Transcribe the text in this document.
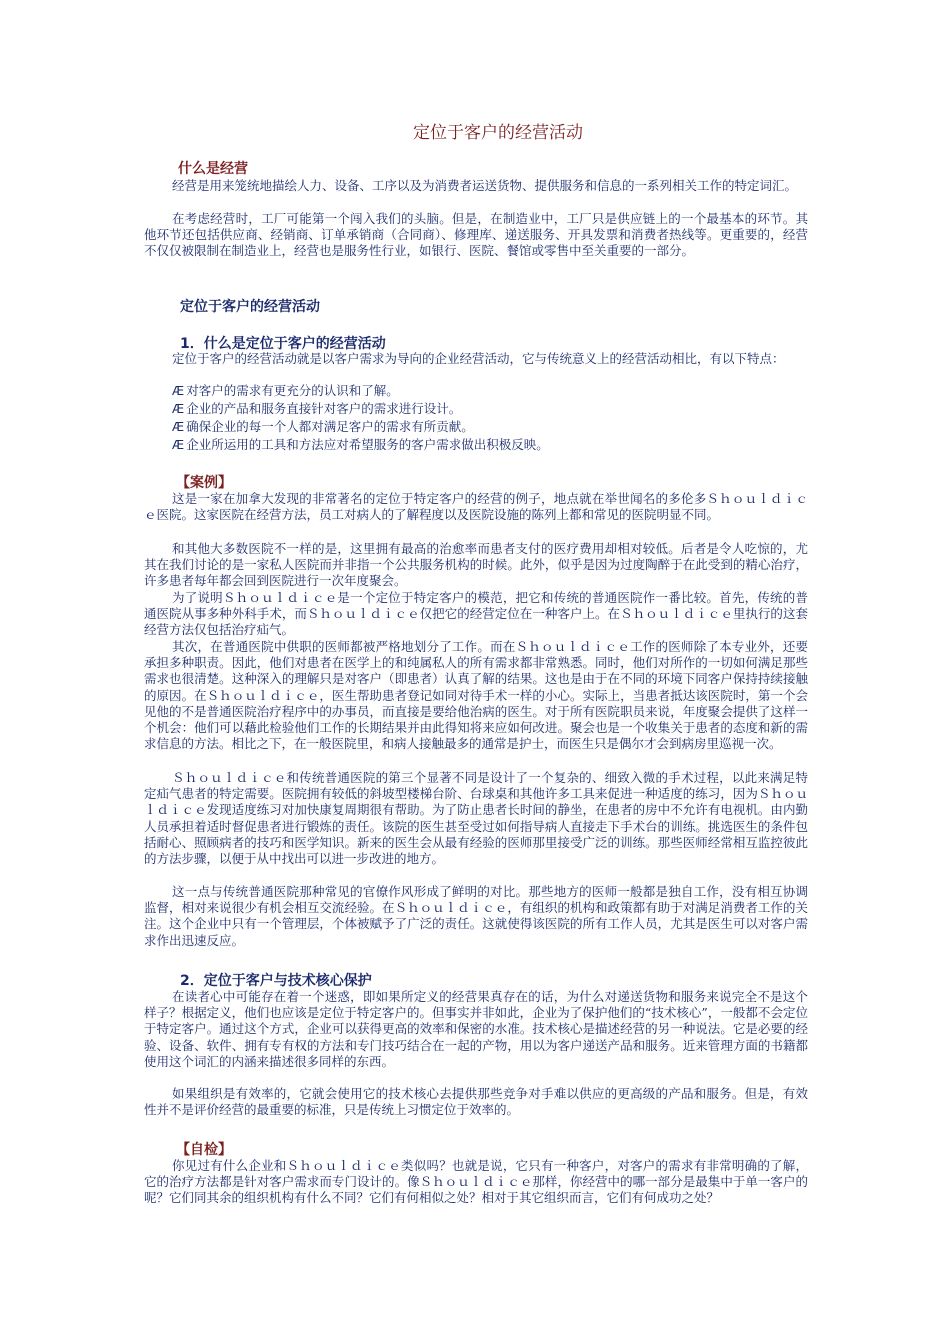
定位于客户的经营活动
什么是经营

经营是用来笼统地描绘人力、设备、工序以及为消费者运送货物、提供服务和信息的一系列相关工作的特定词汇。

在考虑经营时，工厂可能第一个闯入我们的头脑。但是，在制造业中，工厂只是供应链上的一个最基本的环节。其他环节还包括供应商、经销商、订单承销商（合同商）、修理库、递送服务、开具发票和消费者热线等。更重要的，经营不仅仅被限制在制造业上，经营也是服务性行业，如银行、医院、餐馆或零售中至关重要的一部分。

定位于客户的经营活动
1．什么是定位于客户的经营活动

定位于客户的经营活动就是以客户需求为导向的企业经营活动，它与传统意义上的经营活动相比，有以下特点：

Æ 对客户的需求有更充分的认识和了解。
Æ 企业的产品和服务直接针对客户的需求进行设计。
Æ 确保企业的每一个人都对满足客户的需求有所贡献。
Æ 企业所运用的工具和方法应对希望服务的客户需求做出积极反映。
【案例】

这是一家在加拿大发现的非常著名的定位于特定客户的经营的例子，地点就在举世闻名的多伦多Ｓｈｏｕｌｄｉｃｅ医院。这家医院在经营方法，员工对病人的了解程度以及医院设施的陈列上都和常见的医院明显不同。

和其他大多数医院不一样的是，这里拥有最高的治愈率而患者支付的医疗费用却相对较低。后者是令人吃惊的，尤其在我们讨论的是一家私人医院而并非指一个公共服务机构的时候。此外，似乎是因为过度陶醉于在此受到的精心治疗，许多患者每年都会回到医院进行一次年度聚会。

为了说明Ｓｈｏｕｌｄｉｃｅ是一个定位于特定客户的模范，把它和传统的普通医院作一番比较。首先，传统的普通医院从事多种外科手术，而Ｓｈｏｕｌｄｉｃｅ仅把它的经营定位在一种客户上。在Ｓｈｏｕｌｄｉｃｅ里执行的这套经营方法仅包括治疗疝气。

其次，在普通医院中供职的医师都被严格地划分了工作。而在Ｓｈｏｕｌｄｉｃｅ工作的医师除了本专业外，还要承担多种职责。因此，他们对患者在医学上的和纯属私人的所有需求都非常熟悉。同时，他们对所作的一切如何满足那些需求也很清楚。这种深入的理解只是对客户（即患者）认真了解的结果。这也是由于在不同的环境下同客户保持持续接触的原因。在Ｓｈｏｕｌｄｉｃｅ，医生帮助患者登记如同对待手术一样的小心。实际上，当患者抵达该医院时，第一个会见他的不是普通医院治疗程序中的办事员，而直接是要给他治病的医生。对于所有医院职员来说，年度聚会提供了这样一个机会：他们可以藉此检验他们工作的长期结果并由此得知将来应如何改进。聚会也是一个收集关于患者的态度和新的需求信息的方法。相比之下，在一般医院里，和病人接触最多的通常是护士，而医生只是偶尔才会到病房里巡视一次。

Ｓｈｏｕｌｄｉｃｅ和传统普通医院的第三个显著不同是设计了一个复杂的、细致入微的手术过程，以此来满足特定疝气患者的特定需要。医院拥有较低的斜坡型楼梯台阶、台球桌和其他许多工具来促进一种适度的练习，因为Ｓｈｏｕｌｄｉｃｅ发现适度练习对加快康复周期很有帮助。为了防止患者长时间的静坐，在患者的房中不允许有电视机。由内勤人员承担着适时督促患者进行锻炼的责任。该院的医生甚至受过如何指导病人直接走下手术台的训练。挑选医生的条件包括耐心、照顾病者的技巧和医学知识。新来的医生会从最有经验的医师那里接受广泛的训练。那些医师经常相互监控彼此的方法步骤，以便于从中找出可以进一步改进的地方。

这一点与传统普通医院那种常见的官僚作风形成了鲜明的对比。那些地方的医师一般都是独自工作，没有相互协调监督，相对来说很少有机会相互交流经验。在Ｓｈｏｕｌｄｉｃｅ，有组织的机构和政策都有助于对满足消费者工作的关注。这个企业中只有一个管理层，个体被赋予了广泛的责任。这就使得该医院的所有工作人员，尤其是医生可以对客户需求作出迅速反应。

2．定位于客户与技术核心保护

在读者心中可能存在着一个迷惑，即如果所定义的经营果真存在的话，为什么对递送货物和服务来说完全不是这个样子？根据定义，他们也应该是定位于特定客户的。但事实并非如此，企业为了保护他们的“技术核心”，一般都不会定位于特定客户。通过这个方式，企业可以获得更高的效率和保密的水准。技术核心是描述经营的另一种说法。它是必要的经验、设备、软件、拥有专有权的方法和专门技巧结合在一起的产物，用以为客户递送产品和服务。近来管理方面的书籍都使用这个词汇的内涵来描述很多同样的东西。

如果组织是有效率的，它就会使用它的技术核心去提供那些竞争对手难以供应的更高级的产品和服务。但是，有效性并不是评价经营的最重要的标准，只是传统上习惯定位于效率的。

【自检】

你见过有什么企业和Ｓｈｏｕｌｄｉｃｅ类似吗？也就是说，它只有一种客户，对客户的需求有非常明确的了解，它的治疗方法都是针对客户需求而专门设计的。像Ｓｈｏｕｌｄｉｃｅ那样，你经营中的哪一部分是最集中于单一客户的呢？它们同其余的组织机构有什么不同？它们有何相似之处？相对于其它组织而言，它们有何成功之处？
